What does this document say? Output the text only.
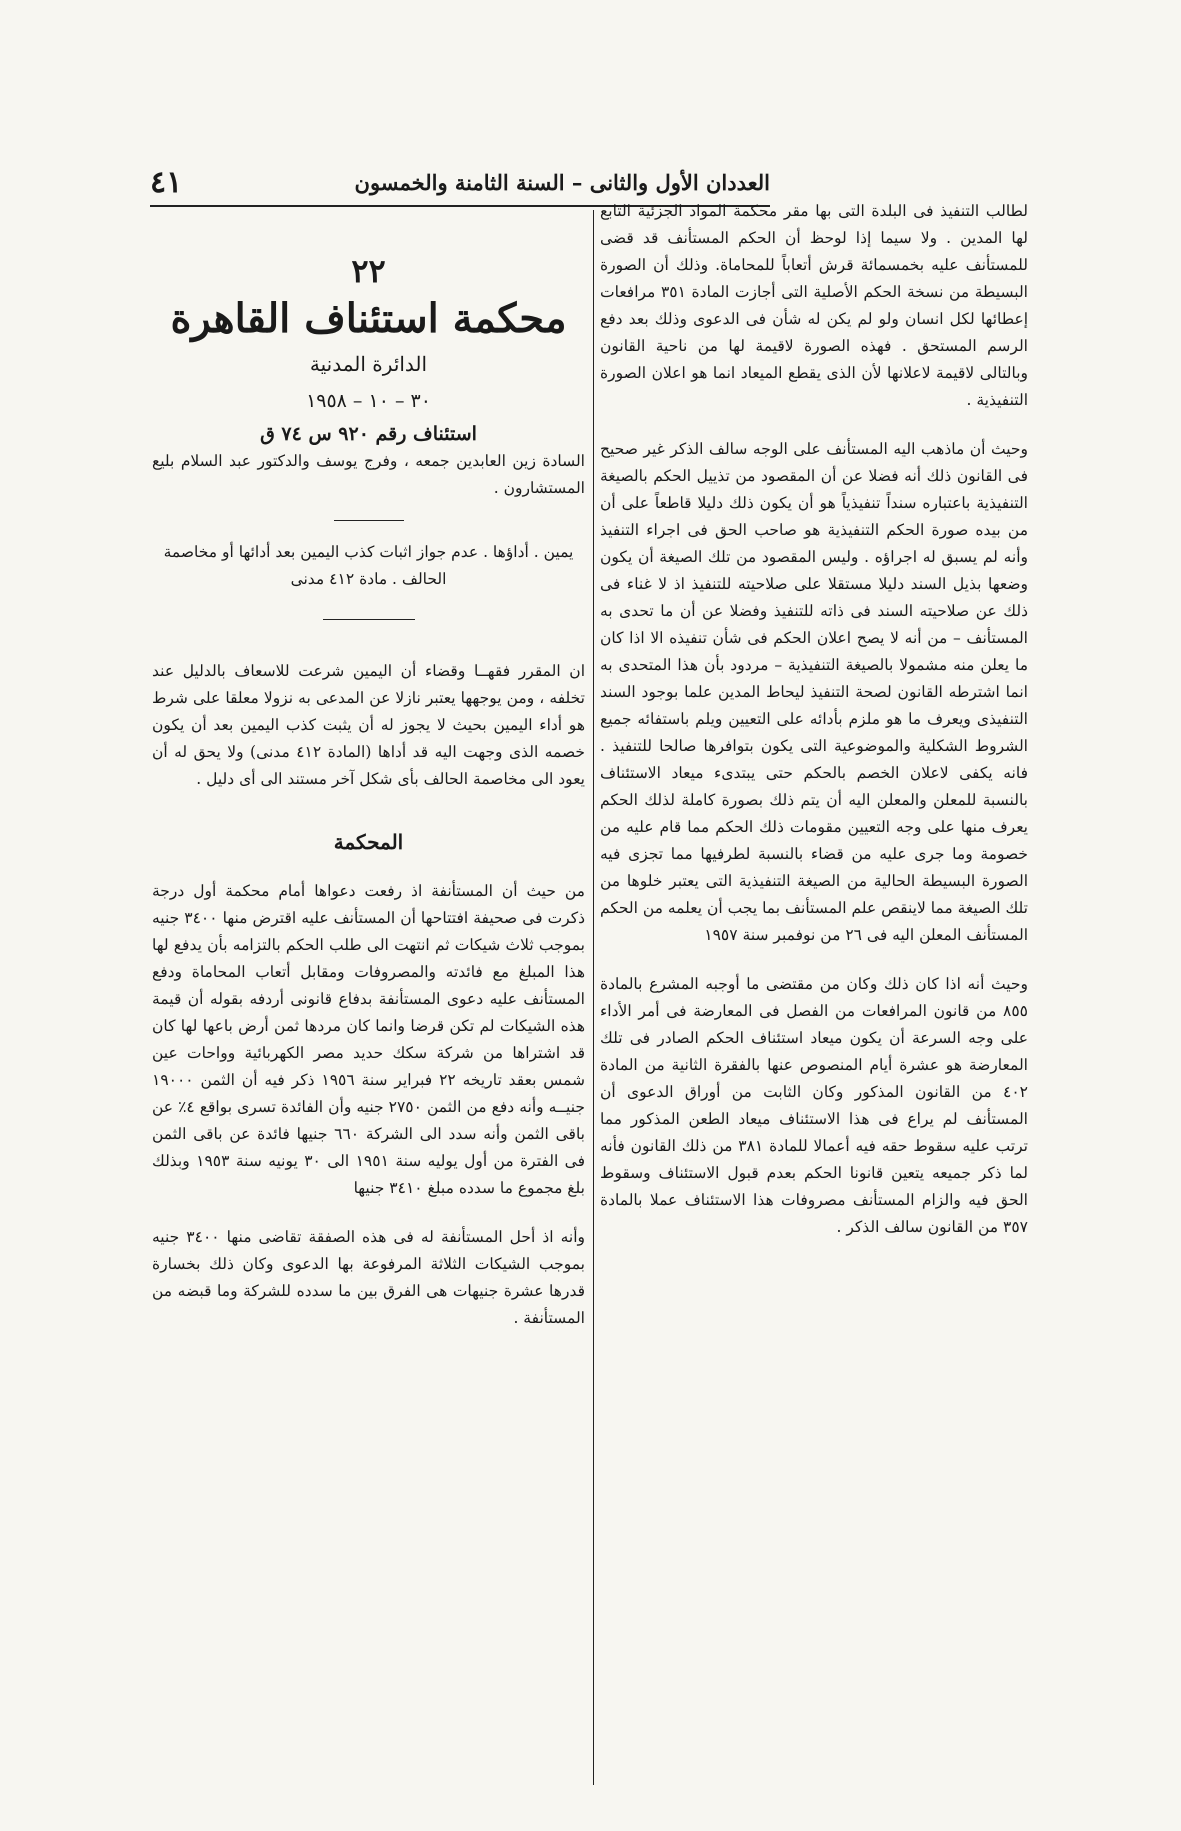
العددان الأول والثانى – السنة الثامنة والخمسون
٤١

لطالب التنفيذ فى البلدة التى بها مقر محكمة المواد الجزئية التابع لها المدين . ولا سيما إذا لوحظ أن الحكم المستأنف قد قضى للمستأنف عليه بخمسمائة قرش أتعاباً للمحاماة. وذلك أن الصورة البسيطة من نسخة الحكم الأصلية التى أجازت المادة ٣٥١ مرافعات إعطائها لكل انسان ولو لم يكن له شأن فى الدعوى وذلك بعد دفع الرسم المستحق . فهذه الصورة لاقيمة لها من ناحية القانون وبالتالى لاقيمة لاعلانها لأن الذى يقطع الميعاد انما هو اعلان الصورة التنفيذية .

وحيث أن ماذهب اليه المستأنف على الوجه سالف الذكر غير صحيح فى القانون ذلك أنه فضلا عن أن المقصود من تذييل الحكم بالصيغة التنفيذية باعتباره سنداً تنفيذياً هو أن يكون ذلك دليلا قاطعاً على أن من بيده صورة الحكم التنفيذية هو صاحب الحق فى اجراء التنفيذ وأنه لم يسبق له اجراؤه . وليس المقصود من تلك الصيغة أن يكون وضعها بذيل السند دليلا مستقلا على صلاحيته للتنفيذ اذ لا غناء فى ذلك عن صلاحيته السند فى ذاته للتنفيذ وفضلا عن أن ما تحدى به المستأنف – من أنه لا يصح اعلان الحكم فى شأن تنفيذه الا اذا كان ما يعلن منه مشمولا بالصيغة التنفيذية – مردود بأن هذا المتحدى به انما اشترطه القانون لصحة التنفيذ ليحاط المدين علما بوجود السند التنفيذى ويعرف ما هو ملزم بأدائه على التعيين ويلم باستفائه جميع الشروط الشكلية والموضوعية التى يكون بتوافرها صالحا للتنفيذ . فانه يكفى لاعلان الخصم بالحكم حتى يبتدىء ميعاد الاستئناف بالنسبة للمعلن والمعلن اليه أن يتم ذلك بصورة كاملة لذلك الحكم يعرف منها على وجه التعيين مقومات ذلك الحكم مما قام عليه من خصومة وما جرى عليه من قضاء بالنسبة لطرفيها مما تجزى فيه الصورة البسيطة الحالية من الصيغة التنفيذية التى يعتبر خلوها من تلك الصيغة مما لاينقص علم المستأنف بما يجب أن يعلمه من الحكم المستأنف المعلن اليه فى ٢٦ من نوفمبر سنة ١٩٥٧

وحيث أنه اذا كان ذلك وكان من مقتضى ما أوجبه المشرع بالمادة ٨٥٥ من قانون المرافعات من الفصل فى المعارضة فى أمر الأداء على وجه السرعة أن يكون ميعاد استئناف الحكم الصادر فى تلك المعارضة هو عشرة أيام المنصوص عنها بالفقرة الثانية من المادة ٤٠٢ من القانون المذكور وكان الثابت من أوراق الدعوى أن المستأنف لم يراع فى هذا الاستئناف ميعاد الطعن المذكور مما ترتب عليه سقوط حقه فيه أعمالا للمادة ٣٨١ من ذلك القانون فأنه لما ذكر جميعه يتعين قانونا الحكم بعدم قبول الاستئناف وسقوط الحق فيه والزام المستأنف مصروفات هذا الاستئناف عملا بالمادة ٣٥٧ من القانون سالف الذكر .

٢٢
محكمة استئناف القاهرة
الدائرة المدنية
٣٠ – ١٠ – ١٩٥٨
استئناف رقم ٩٢٠ س ٧٤ ق

السادة زين العابدين جمعه ، وفرج يوسف والدكتور عبد السلام بليع المستشارون .

يمين . أداؤها . عدم جواز اثبات كذب اليمين بعد أدائها أو مخاصمة الحالف . مادة ٤١٢ مدنى

ان المقرر فقهــا وقضاء أن اليمين شرعت للاسعاف بالدليل عند تخلفه ، ومن يوجهها يعتبر نازلا عن المدعى به نزولا معلقا على شرط هو أداء اليمين بحيث لا يجوز له أن يثبت كذب اليمين بعد أن يكون خصمه الذى وجهت اليه قد أداها (المادة ٤١٢ مدنى) ولا يحق له أن يعود الى مخاصمة الحالف بأى شكل آخر مستند الى أى دليل .

المحكمة

من حيث أن المستأنفة اذ رفعت دعواها أمام محكمة أول درجة ذكرت فى صحيفة افتتاحها أن المستأنف عليه اقترض منها ٣٤٠٠ جنيه بموجب ثلاث شيكات ثم انتهت الى طلب الحكم بالتزامه بأن يدفع لها هذا المبلغ مع فائدته والمصروفات ومقابل أتعاب المحاماة ودفع المستأنف عليه دعوى المستأنفة بدفاع قانونى أردفه بقوله أن قيمة هذه الشيكات لم تكن قرضا وانما كان مردها ثمن أرض باعها لها كان قد اشتراها من شركة سكك حديد مصر الكهربائية وواحات عين شمس بعقد تاريخه ٢٢ فبراير سنة ١٩٥٦ ذكر فيه أن الثمن ١٩٠٠٠ جنيــه وأنه دفع من الثمن ٢٧٥٠ جنيه وأن الفائدة تسرى بواقع ٤٪ عن باقى الثمن وأنه سدد الى الشركة ٦٦٠ جنيها فائدة عن باقى الثمن فى الفترة من أول يوليه سنة ١٩٥١ الى ٣٠ يونيه سنة ١٩٥٣ وبذلك بلغ مجموع ما سدده مبلغ ٣٤١٠ جنيها

وأنه اذ أحل المستأنفة له فى هذه الصفقة تقاضى منها ٣٤٠٠ جنيه بموجب الشيكات الثلاثة المرفوعة بها الدعوى وكان ذلك بخسارة قدرها عشرة جنيهات هى الفرق بين ما سدده للشركة وما قبضه من المستأنفة .
